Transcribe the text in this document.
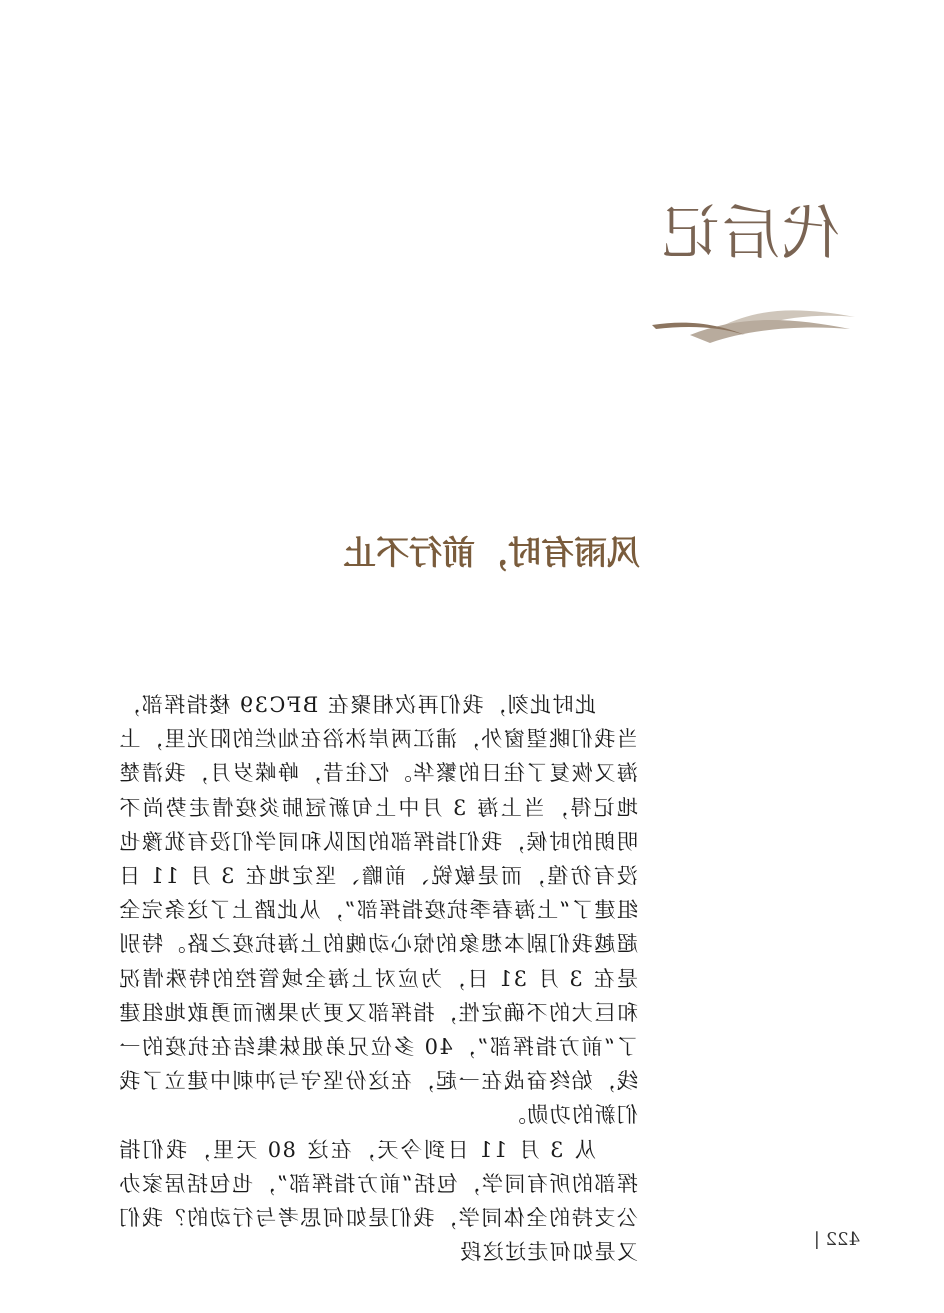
代后记
风雨有时，前行不止

此时此刻，我们再次相聚在 BFC39 楼指挥部，当我们眺望窗外，浦江两岸沐浴在灿烂的阳光里，上海又恢复了往日的繁华。忆往昔，峥嵘岁月，我清楚地记得，当上海 3 月中上旬新冠肺炎疫情走势尚不明朗的时候，我们指挥部的团队和同学们没有犹豫也没有彷徨，而是敏锐、前瞻、坚定地在 3 月 11 日组建了“上海春季抗疫指挥部”，从此踏上了这条完全超越我们剧本想象的惊心动魄的上海抗疫之路。特别是在 3 月 31 日，为应对上海全域管控的特殊情况和巨大的不确定性，指挥部又更为果断而勇敢地组建了“前方指挥部”，40 多位兄弟姐妹集结在抗疫的一线，始终奋战在一起，在这份坚守与冲刺中建立了我们新的功勋。

从 3 月 11 日到今天，在这 80 天里，我们指挥部的所有同学，包括“前方指挥部”，也包括居家办公支持的全体同学，我们是如何思考与行动的？我们又是如何走过这段

422 |
